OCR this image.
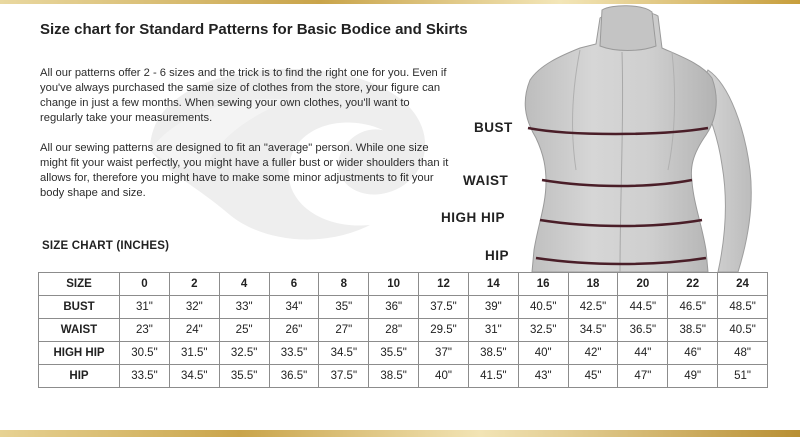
Size chart for Standard Patterns for Basic Bodice and Skirts

All our patterns offer 2 - 6 sizes and the trick is to find the right one for you. Even if you've always purchased the same size of clothes from the store, your figure can change in just a few months. When sewing your own clothes, you'll want to regularly take your measurements.

All our sewing patterns are designed to fit an "average" person. While one size might fit your waist perfectly, you might have a fuller bust or wider shoulders than it allows for, therefore you might have to make some minor adjustments to fit your body shape and size.

SIZE CHART (INCHES)
BUST
WAIST
HIGH HIP
HIP
SIZE	0	2	4	6	8	10	12	14	16	18	20	22	24
BUST	31"	32"	33"	34"	35"	36"	37.5"	39"	40.5"	42.5"	44.5"	46.5"	48.5"
WAIST	23"	24"	25"	26"	27"	28"	29.5"	31"	32.5"	34.5"	36.5"	38.5"	40.5"
HIGH HIP	30.5"	31.5"	32.5"	33.5"	34.5"	35.5"	37"	38.5"	40"	42"	44"	46"	48"
HIP	33.5"	34.5"	35.5"	36.5"	37.5"	38.5"	40"	41.5"	43"	45"	47"	49"	51"
